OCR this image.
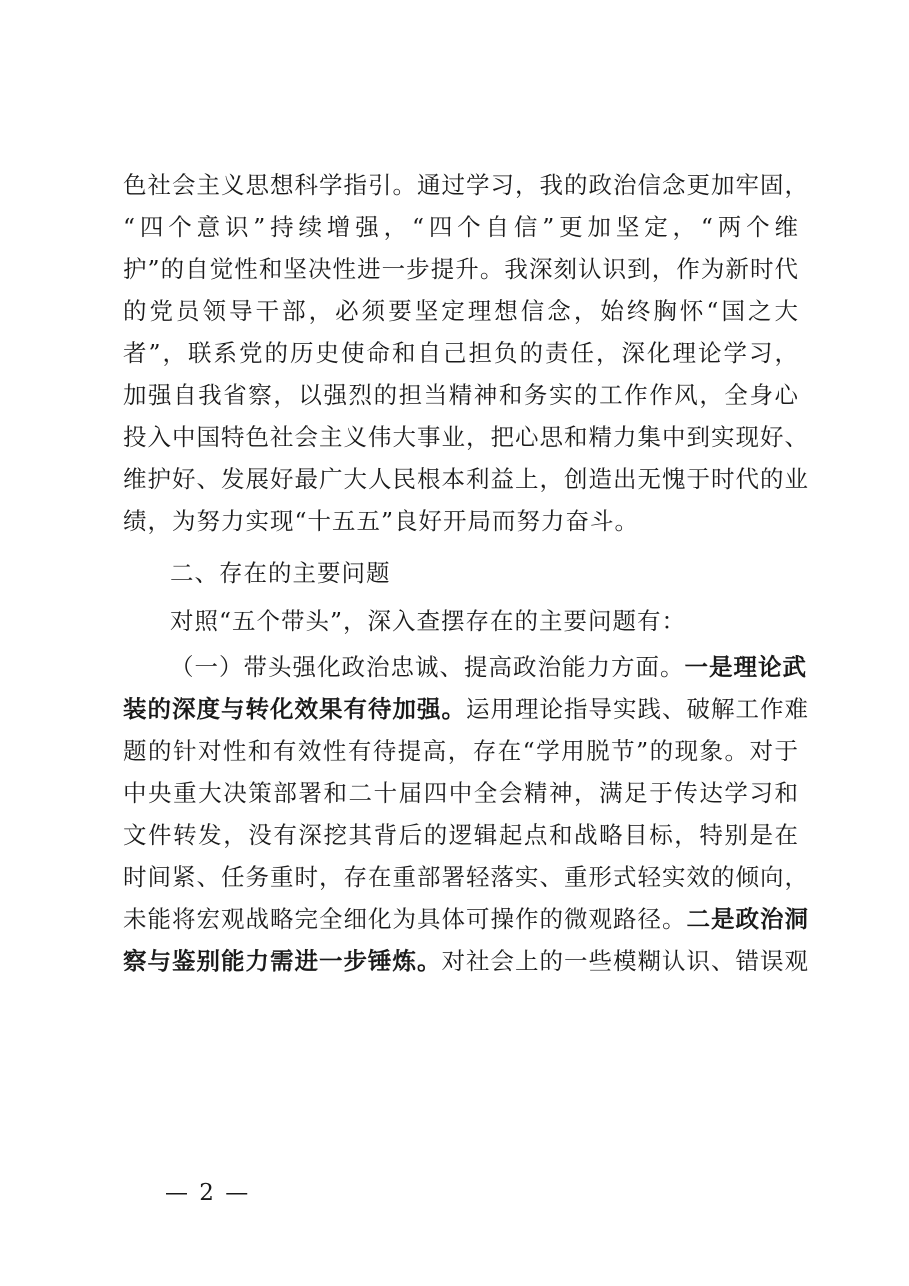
色社会主义思想科学指引。通过学习，我的政治信念更加牢固，
“四个意识”持续增强，“四个自信”更加坚定，“两个维
护”的自觉性和坚决性进一步提升。我深刻认识到，作为新时代
的党员领导干部，必须要坚定理想信念，始终胸怀“国之大
者”，联系党的历史使命和自己担负的责任，深化理论学习，
加强自我省察，以强烈的担当精神和务实的工作作风，全身心
投入中国特色社会主义伟大事业，把心思和精力集中到实现好、
维护好、发展好最广大人民根本利益上，创造出无愧于时代的业
绩，为努力实现“十五五”良好开局而努力奋斗。
二、存在的主要问题
对照“五个带头”，深入查摆存在的主要问题有：
（一）带头强化政治忠诚、提高政治能力方面。一是理论武
装的深度与转化效果有待加强。运用理论指导实践、破解工作难
题的针对性和有效性有待提高，存在“学用脱节”的现象。对于
中央重大决策部署和二十届四中全会精神，满足于传达学习和
文件转发，没有深挖其背后的逻辑起点和战略目标，特别是在
时间紧、任务重时，存在重部署轻落实、重形式轻实效的倾向，
未能将宏观战略完全细化为具体可操作的微观路径。二是政治洞
察与鉴别能力需进一步锤炼。对社会上的一些模糊认识、错误观
— 2 —
